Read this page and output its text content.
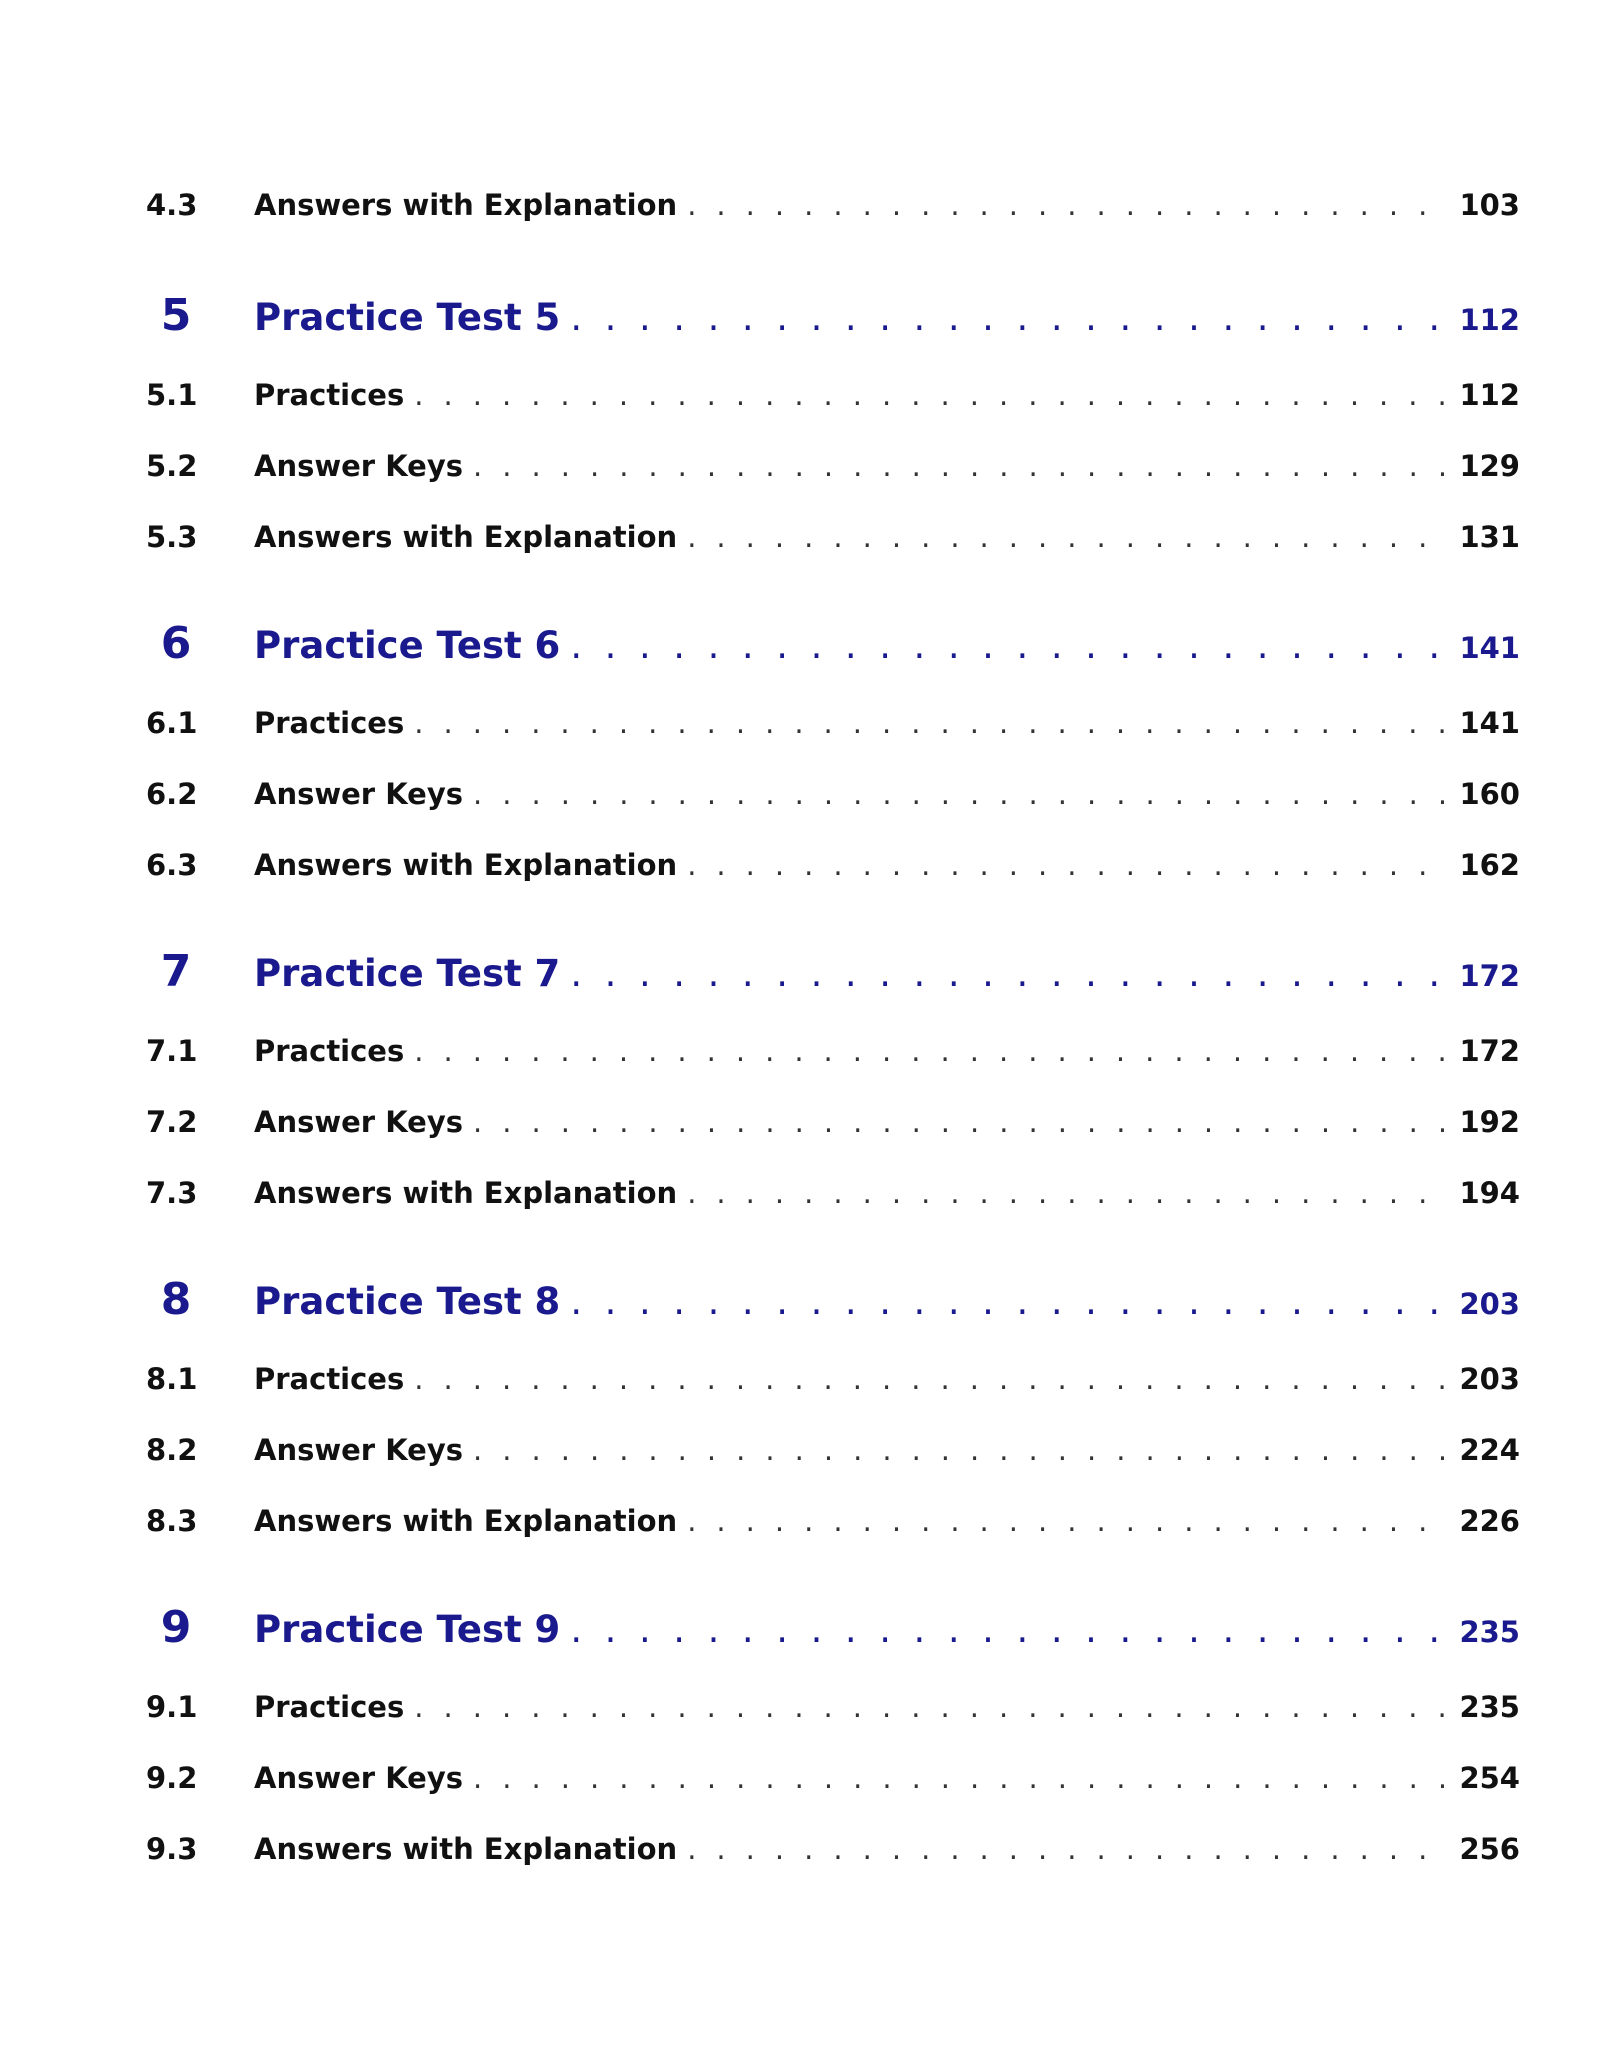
4.3	Answers with Explanation . . .	103
5	Practice Test 5 . . .	112
5.1	Practices . . .	112
5.2	Answer Keys . . .	129
5.3	Answers with Explanation . . .	131
6	Practice Test 6 . . .	141
6.1	Practices . . .	141
6.2	Answer Keys . . .	160
6.3	Answers with Explanation . . .	162
7	Practice Test 7 . . .	172
7.1	Practices . . .	172
7.2	Answer Keys . . .	192
7.3	Answers with Explanation . . .	194
8	Practice Test 8 . . .	203
8.1	Practices . . .	203
8.2	Answer Keys . . .	224
8.3	Answers with Explanation . . .	226
9	Practice Test 9 . . .	235
9.1	Practices . . .	235
9.2	Answer Keys . . .	254
9.3	Answers with Explanation . . .	256
